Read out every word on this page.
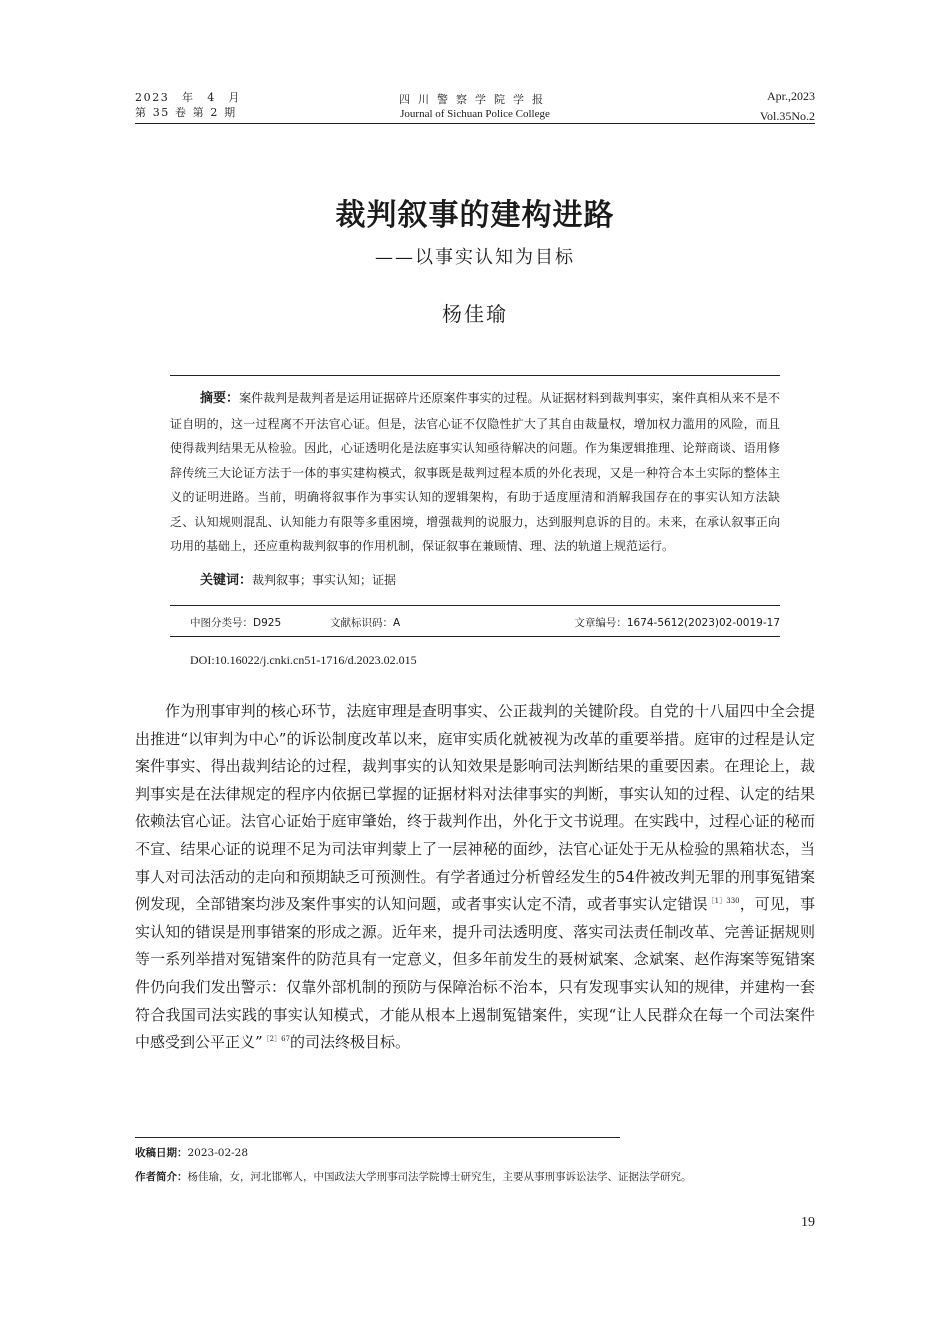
2023　年　4　月
第 35 卷 第 2 期
四川警察学院学报
Journal of Sichuan Police College
Apr.,2023
Vol.35No.2
裁判叙事的建构进路
——以事实认知为目标
杨佳瑜
摘要：案件裁判是裁判者是运用证据碎片还原案件事实的过程。从证据材料到裁判事实，案件真相从来不是不证自明的，这一过程离不开法官心证。但是，法官心证不仅隐性扩大了其自由裁量权，增加权力滥用的风险，而且使得裁判结果无从检验。因此，心证透明化是法庭事实认知亟待解决的问题。作为集逻辑推理、论辩商谈、语用修辞传统三大论证方法于一体的事实建构模式，叙事既是裁判过程本质的外化表现，又是一种符合本土实际的整体主义的证明进路。当前，明确将叙事作为事实认知的逻辑架构，有助于适度厘清和消解我国存在的事实认知方法缺乏、认知规则混乱、认知能力有限等多重困境，增强裁判的说服力，达到服判息诉的目的。未来，在承认叙事正向功用的基础上，还应重构裁判叙事的作用机制，保证叙事在兼顾情、理、法的轨道上规范运行。
关键词：裁判叙事；事实认知；证据
中图分类号：D925	文献标识码：A	文章编号：1674-5612(2023)02-0019-17
DOI:10.16022/j.cnki.cn51-1716/d.2023.02.015

作为刑事审判的核心环节，法庭审理是查明事实、公正裁判的关键阶段。自党的十八届四中全会提出推进“以审判为中心”的诉讼制度改革以来，庭审实质化就被视为改革的重要举措。庭审的过程是认定案件事实、得出裁判结论的过程，裁判事实的认知效果是影响司法判断结果的重要因素。在理论上，裁判事实是在法律规定的程序内依据已掌握的证据材料对法律事实的判断，事实认知的过程、认定的结果依赖法官心证。法官心证始于庭审肇始，终于裁判作出，外化于文书说理。在实践中，过程心证的秘而不宣、结果心证的说理不足为司法审判蒙上了一层神秘的面纱，法官心证处于无从检验的黑箱状态，当事人对司法活动的走向和预期缺乏可预测性。有学者通过分析曾经发生的54件被改判无罪的刑事冤错案例发现，全部错案均涉及案件事实的认知问题，或者事实认定不清，或者事实认定错误$^{[1]330}$，可见，事实认知的错误是刑事错案的形成之源。近年来，提升司法透明度、落实司法责任制改革、完善证据规则等一系列举措对冤错案件的防范具有一定意义，但多年前发生的聂树斌案、念斌案、赵作海案等冤错案件仍向我们发出警示：仅靠外部机制的预防与保障治标不治本，只有发现事实认知的规律，并建构一套符合我国司法实践的事实认知模式，才能从根本上遏制冤错案件，实现“让人民群众在每一个司法案件中感受到公平正义”$^{[2]67}$的司法终极目标。

收稿日期：2023-02-28
作者简介：杨佳瑜，女，河北邯郸人，中国政法大学刑事司法学院博士研究生，主要从事刑事诉讼法学、证据法学研究。
19
